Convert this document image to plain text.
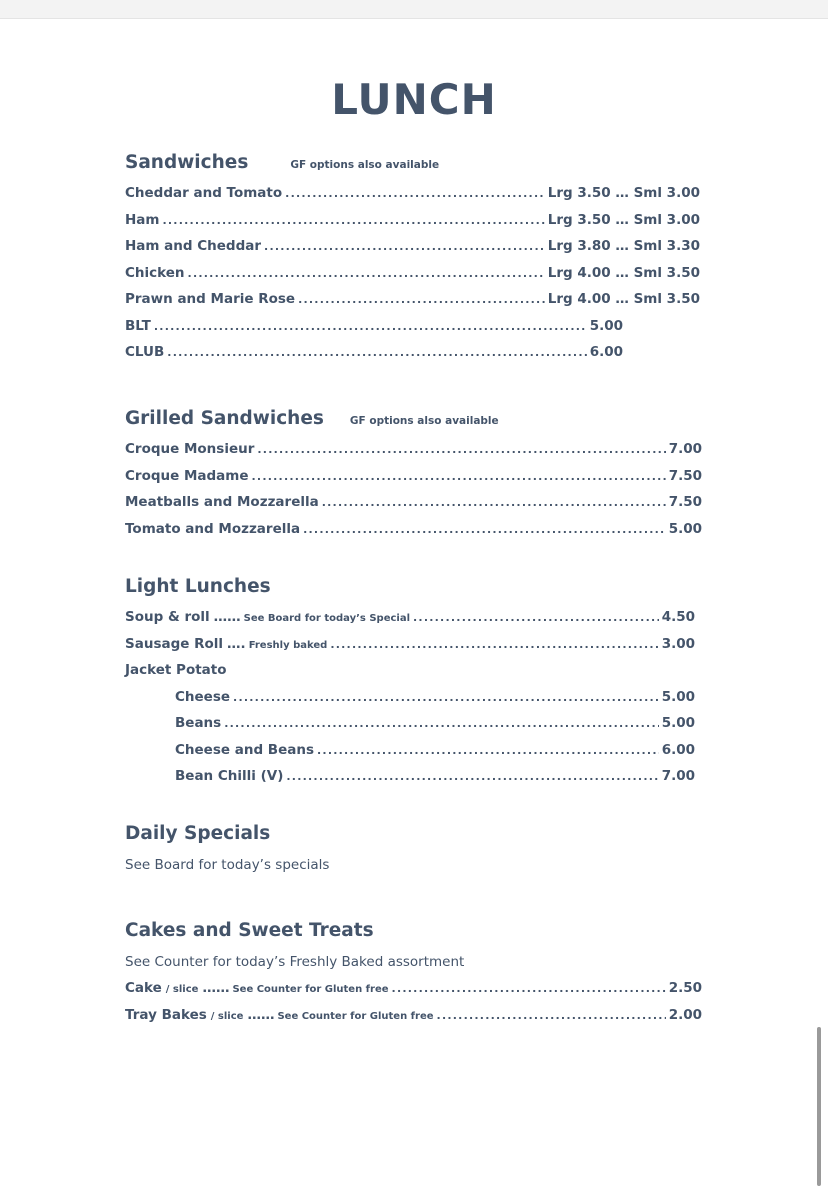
LUNCH
Sandwiches	GF options also available
Cheddar and Tomato . . .	Lrg 3.50 … Sml 3.00
Ham . . .	Lrg 3.50 … Sml 3.00
Ham and Cheddar . . .	Lrg 3.80 … Sml 3.30
Chicken . . .	Lrg 4.00 … Sml 3.50
Prawn and Marie Rose . . .	Lrg 4.00 … Sml 3.50
BLT . . .	5.00
CLUB . . .	6.00
Grilled Sandwiches GF options also available
Croque Monsieur . . .	7.00
Croque Madame . . .	7.50
Meatballs and Mozzarella . . .	7.50
Tomato and Mozzarella . . .	5.00
Light Lunches
Soup & roll …… See Board for today’s Special . . .	4.50
Sausage Roll …. Freshly baked . . .	3.00
Jacket Potato
Cheese . . .	5.00
Beans . . .	5.00
Cheese and Beans . . .	6.00
Bean Chilli (V) . . .	7.00
Daily Specials
See Board for today’s specials
Cakes and Sweet Treats
See Counter for today’s Freshly Baked assortment
Cake / slice …… See Counter for Gluten free . . .	2.50
Tray Bakes / slice …… See Counter for Gluten free . . .	2.00
